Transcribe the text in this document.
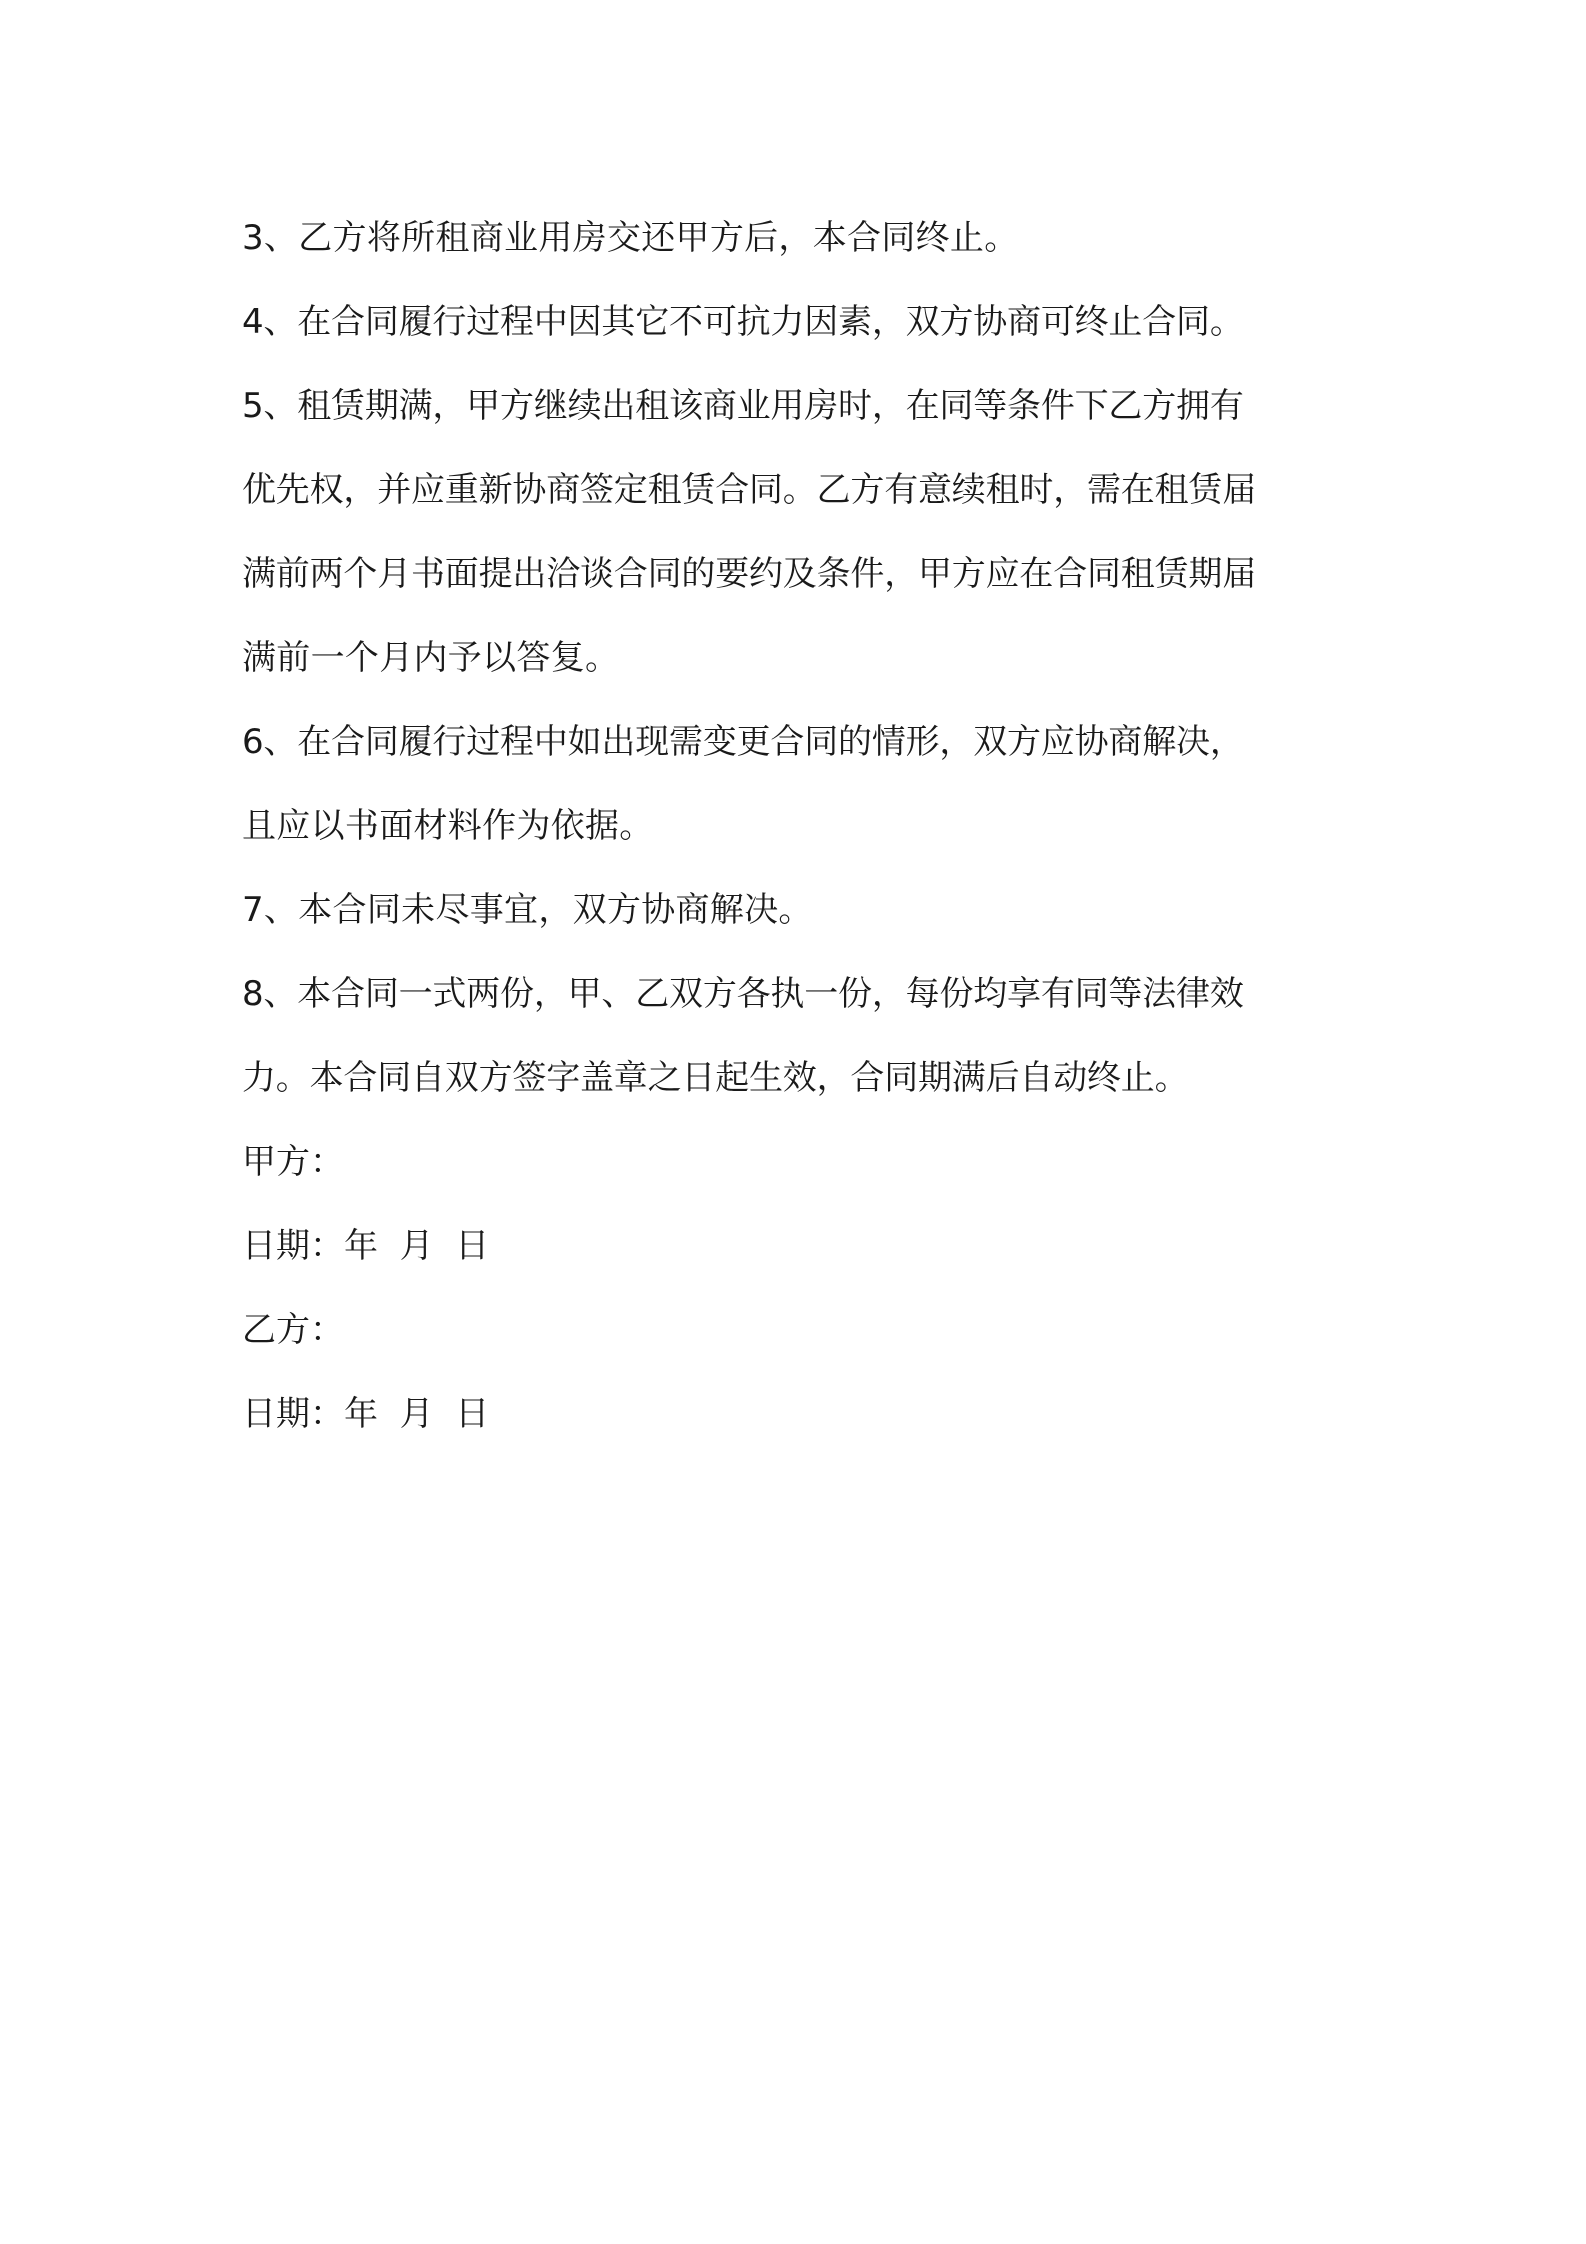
3、乙方将所租商业用房交还甲方后，本合同终止。
4、在合同履行过程中因其它不可抗力因素，双方协商可终止合同。
5、租赁期满，甲方继续出租该商业用房时，在同等条件下乙方拥有
优先权，并应重新协商签定租赁合同。乙方有意续租时，需在租赁届
满前两个月书面提出洽谈合同的要约及条件，甲方应在合同租赁期届
满前一个月内予以答复。
6、在合同履行过程中如出现需变更合同的情形，双方应协商解决，
且应以书面材料作为依据。
7、本合同未尽事宜，双方协商解决。
8、本合同一式两份，甲、乙双方各执一份，每份均享有同等法律效
力。本合同自双方签字盖章之日起生效，合同期满后自动终止。
甲方：
日期：年  月  日
乙方：
日期：年  月  日
